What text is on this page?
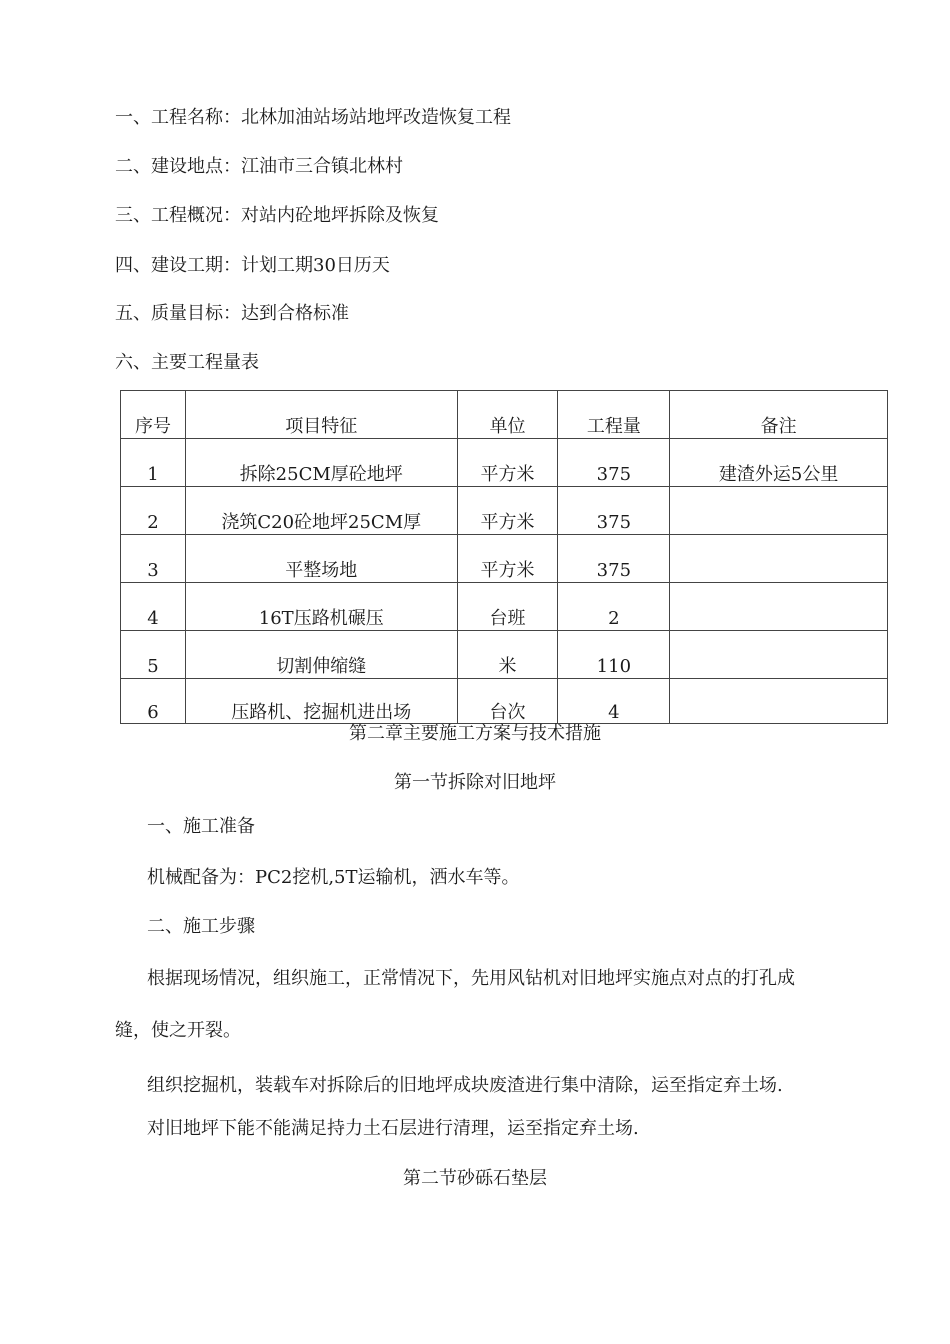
一、工程名称：北林加油站场站地坪改造恢复工程
二、建设地点：江油市三合镇北林村
三、工程概况：对站内砼地坪拆除及恢复
四、建设工期：计划工期30日历天
五、质量目标：达到合格标准
六、主要工程量表
序号	项目特征	单位	工程量	备注
1	拆除25CM厚砼地坪	平方米	375	建渣外运5公里
2	浇筑C20砼地坪25CM厚	平方米	375	
3	平整场地	平方米	375	
4	16T压路机碾压	台班	2	
5	切割伸缩缝	米	110	
6	压路机、挖掘机进出场	台次	4	
第二章主要施工方案与技术措施
第一节拆除对旧地坪
一、施工准备
机械配备为：PC2挖机,5T运输机，洒水车等。
二、施工步骤
根据现场情况，组织施工，正常情况下，先用风钻机对旧地坪实施点对点的打孔成
缝，使之开裂。
组织挖掘机，装载车对拆除后的旧地坪成块废渣进行集中清除，运至指定弃土场.
对旧地坪下能不能满足持力土石层进行清理，运至指定弃土场.
第二节砂砾石垫层
